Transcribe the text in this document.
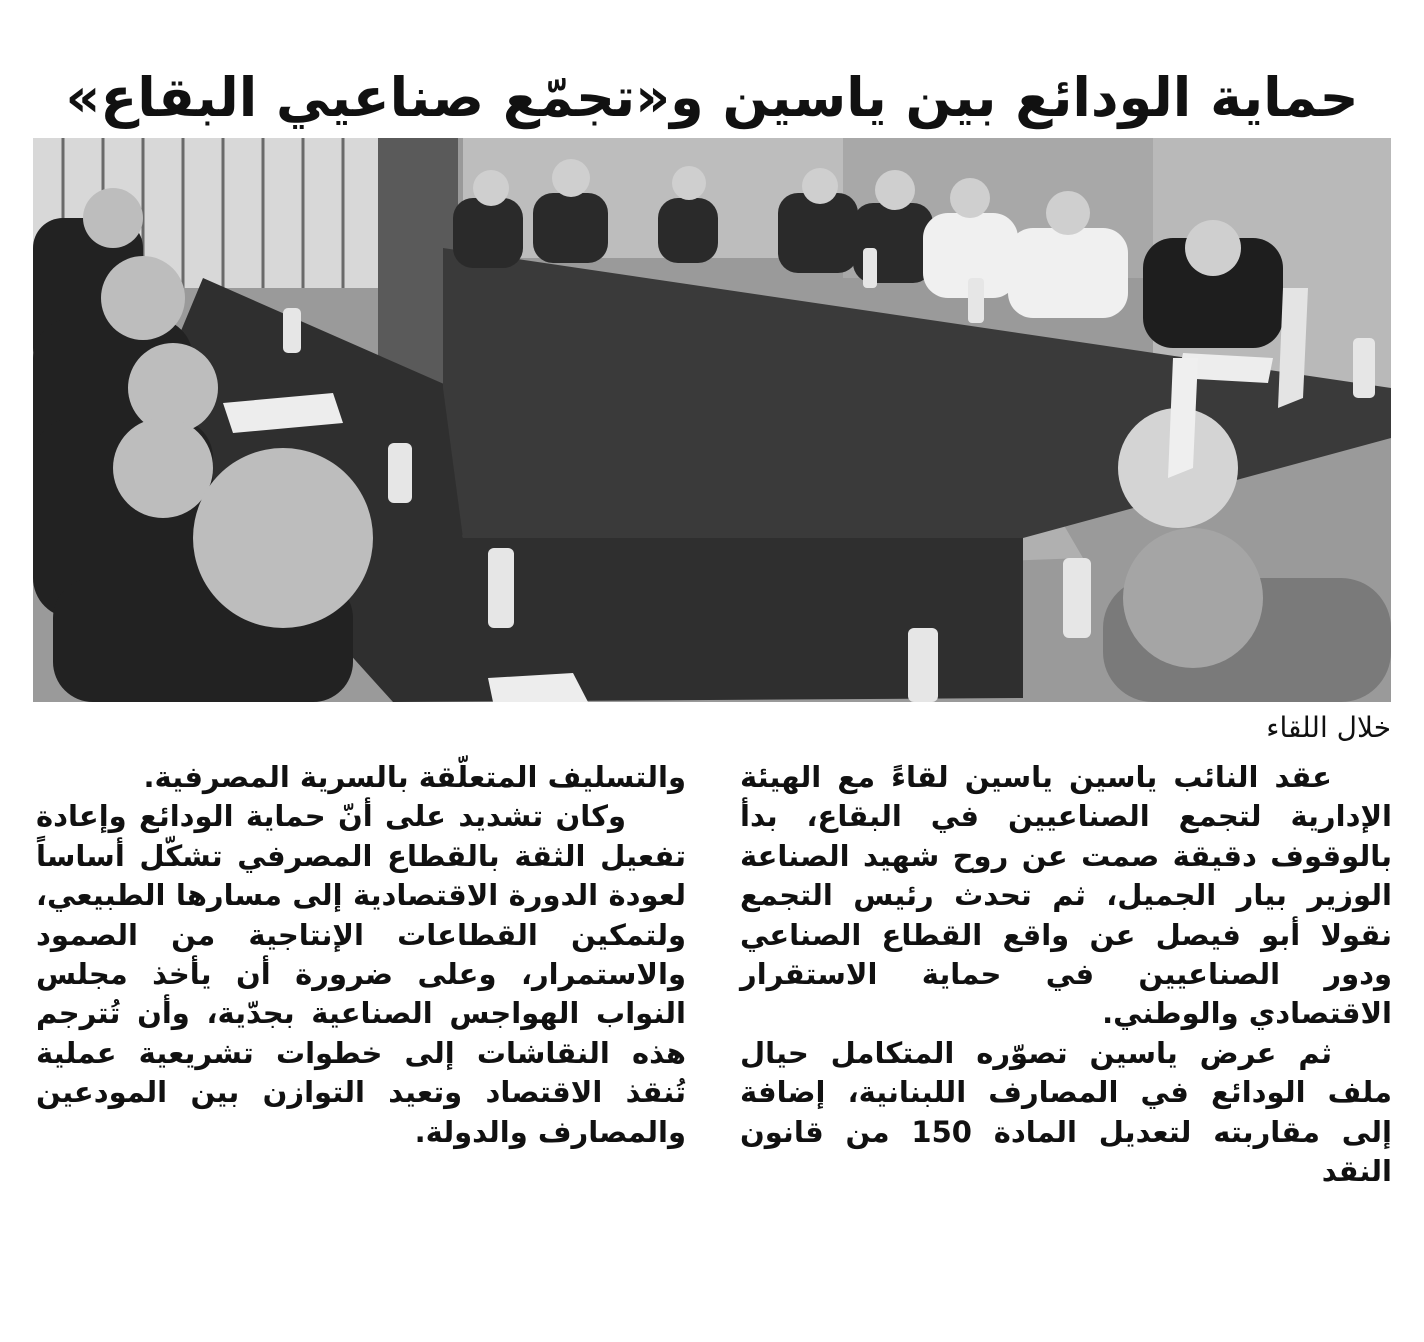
حماية الودائع بين ياسين و«تجمّع صناعيي البقاع»
خلال اللقاء

عقد النائب ياسين ياسين لقاءً مع الهيئة الإدارية لتجمع الصناعيين في البقاع، بدأ بالوقوف دقيقة صمت عن روح شهيد الصناعة الوزير بيار الجميل، ثم تحدث رئيس التجمع نقولا أبو فيصل عن واقع القطاع الصناعي ودور الصناعيين في حماية الاستقرار الاقتصادي والوطني.

ثم عرض ياسين تصوّره المتكامل حيال ملف الودائع في المصارف اللبنانية، إضافة إلى مقاربته لتعديل المادة 150 من قانون النقد

والتسليف المتعلّقة بالسرية المصرفية.

وكان تشديد على أنّ حماية الودائع وإعادة تفعيل الثقة بالقطاع المصرفي تشكّل أساساً لعودة الدورة الاقتصادية إلى مسارها الطبيعي، ولتمكين القطاعات الإنتاجية من الصمود والاستمرار، وعلى ضرورة أن يأخذ مجلس النواب الهواجس الصناعية بجدّية، وأن تُترجم هذه النقاشات إلى خطوات تشريعية عملية تُنقذ الاقتصاد وتعيد التوازن بين المودعين والمصارف والدولة.
